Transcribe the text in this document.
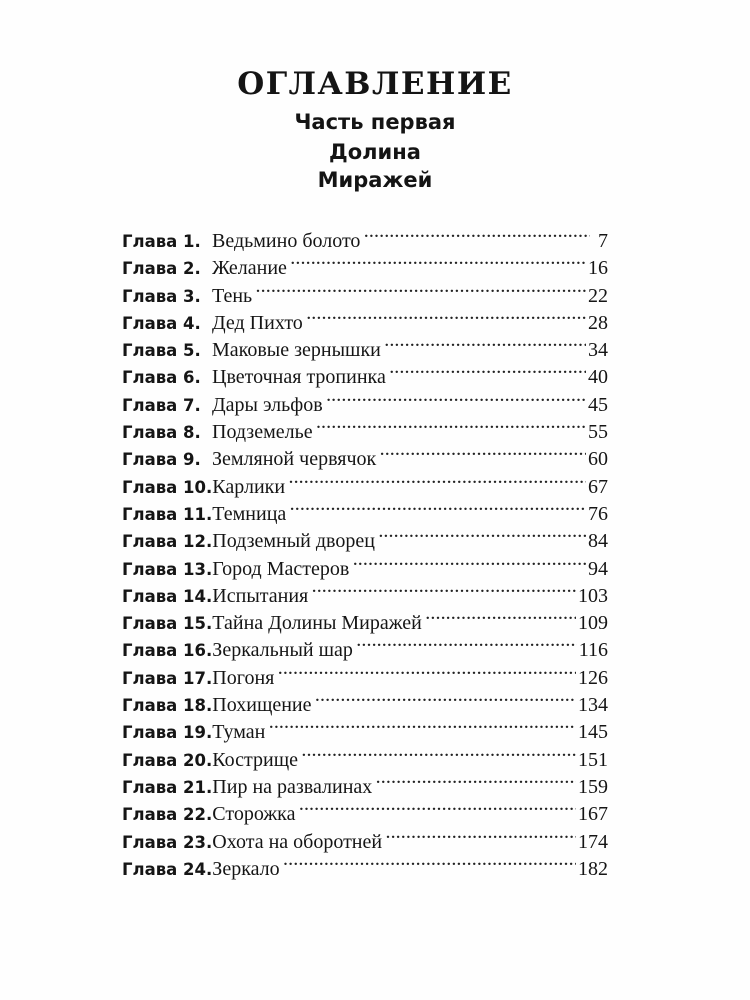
ОГЛАВЛЕНИЕ
Часть первая
Долина
Миражей
Глава 1. Ведьмино болото . . .	7
Глава 2. Желание . . .	16
Глава 3. Тень . . .	22
Глава 4. Дед Пихто . . .	28
Глава 5. Маковые зернышки . . .	34
Глава 6. Цветочная тропинка . . .	40
Глава 7. Дары эльфов . . .	45
Глава 8. Подземелье . . .	55
Глава 9. Земляной червячок . . .	60
Глава 10. Карлики . . .	67
Глава 11. Темница . . .	76
Глава 12. Подземный дворец . . .	84
Глава 13. Город Мастеров . . .	94
Глава 14. Испытания . . .	103
Глава 15. Тайна Долины Миражей . . .	109
Глава 16. Зеркальный шар . . .	116
Глава 17. Погоня . . .	126
Глава 18. Похищение . . .	134
Глава 19. Туман . . .	145
Глава 20. Кострище . . .	151
Глава 21. Пир на развалинах . . .	159
Глава 22. Сторожка . . .	167
Глава 23. Охота на оборотней . . .	174
Глава 24. Зеркало . . .	182
